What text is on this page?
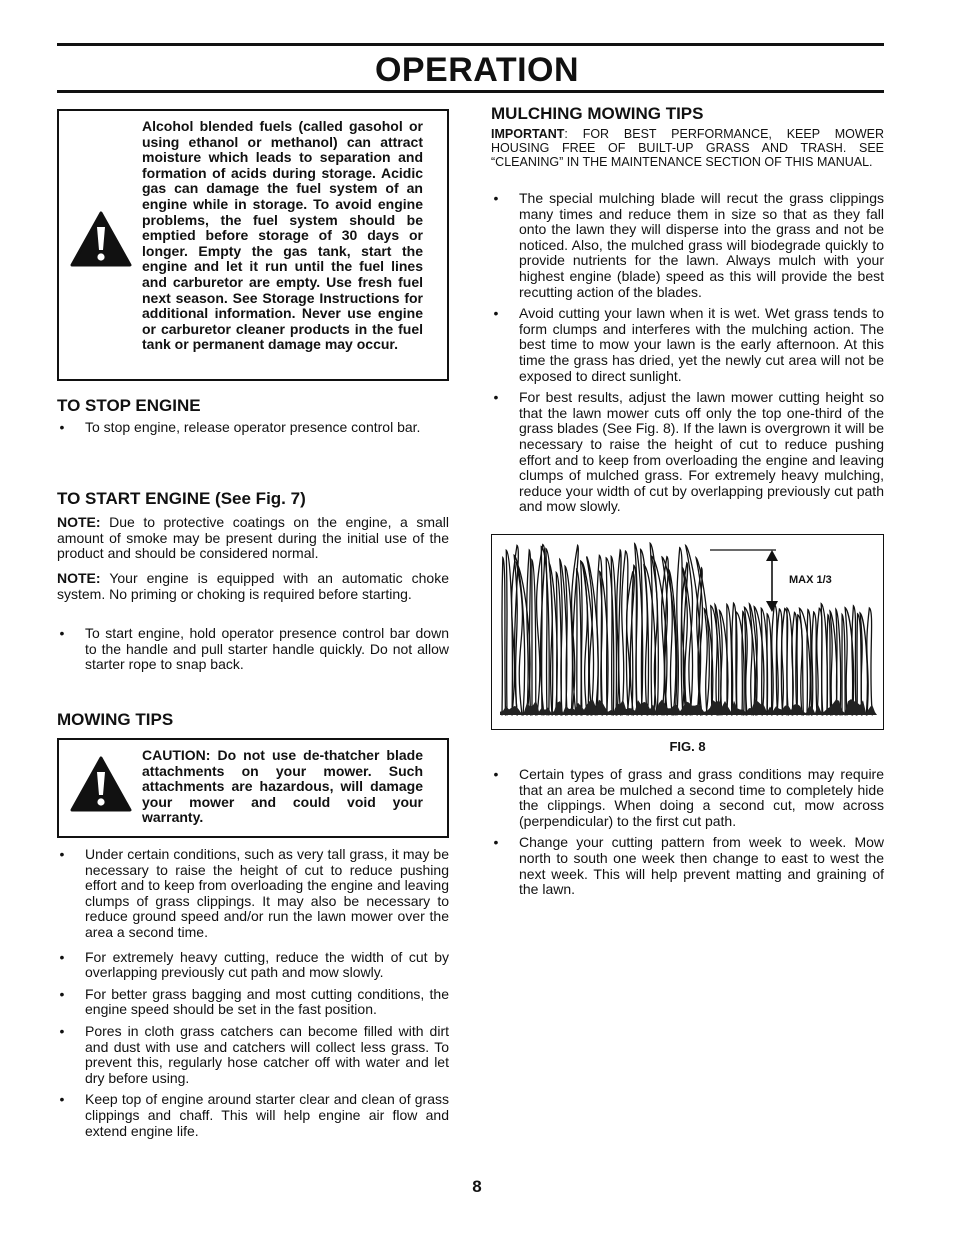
OPERATION
Alcohol blended fuels (called gasohol or using ethanol or methanol) can attract moisture which leads to separation and formation of acids during storage. Acidic gas can damage the fuel system of an engine while in storage. To avoid engine problems, the fuel system should be emptied before storage of 30 days or longer. Empty the gas tank, start the engine and let it run until the fuel lines and carburetor are empty. Use fresh fuel next season. See Storage Instructions for additional information. Never use engine or carburetor cleaner products in the fuel tank or permanent damage may occur.
TO STOP ENGINE
• To stop engine, release operator presence control bar.
TO START ENGINE (See Fig. 7)

NOTE: Due to protective coatings on the engine, a small amount of smoke may be present during the initial use of the product and should be considered normal.

NOTE: Your engine is equipped with an automatic choke system. No priming or choking is required before starting.

• To start engine, hold operator presence control bar down to the handle and pull starter handle quickly. Do not allow starter rope to snap back.
MOWING TIPS
CAUTION: Do not use de-thatcher blade attachments on your mower. Such attachments are hazardous, will damage your mower and could void your warranty.
• Under certain conditions, such as very tall grass, it may be necessary to raise the height of cut to reduce pushing effort and to keep from overloading the engine and leaving clumps of grass clippings. It may also be necessary to reduce ground speed and/or run the lawn mower over the area a second time.
• For extremely heavy cutting, reduce the width of cut by overlapping previously cut path and mow slowly.
• For better grass bagging and most cutting conditions, the engine speed should be set in the fast position.
• Pores in cloth grass catchers can become filled with dirt and dust with use and catchers will collect less grass. To prevent this, regularly hose catcher off with water and let dry before using.
• Keep top of engine around starter clear and clean of grass clippings and chaff. This will help engine air flow and extend engine life.
MULCHING MOWING TIPS

IMPORTANT: FOR BEST PERFORMANCE, KEEP MOWER HOUSING FREE OF BUILT-UP GRASS AND TRASH. SEE “CLEANING” IN THE MAINTENANCE SECTION OF THIS MANUAL.

• The special mulching blade will recut the grass clippings many times and reduce them in size so that as they fall onto the lawn they will disperse into the grass and not be noticed. Also, the mulched grass will biodegrade quickly to provide nutrients for the lawn. Always mulch with your highest engine (blade) speed as this will provide the best recutting action of the blades.
• Avoid cutting your lawn when it is wet. Wet grass tends to form clumps and interferes with the mulching action. The best time to mow your lawn is the early afternoon. At this time the grass has dried, yet the newly cut area will not be exposed to direct sunlight.
• For best results, adjust the lawn mower cutting height so that the lawn mower cuts off only the top one-third of the grass blades (See Fig. 8). If the lawn is overgrown it will be necessary to raise the height of cut to reduce pushing effort and to keep from overloading the engine and leaving clumps of mulched grass. For extremely heavy mulching, reduce your width of cut by overlapping previously cut path and mow slowly.
MAX 1/3
FIG. 8
• Certain types of grass and grass conditions may require that an area be mulched a second time to completely hide the clippings. When doing a second cut, mow across (perpendicular) to the first cut path.
• Change your cutting pattern from week to week. Mow north to south one week then change to east to west the next week. This will help prevent matting and graining of the lawn.
8
